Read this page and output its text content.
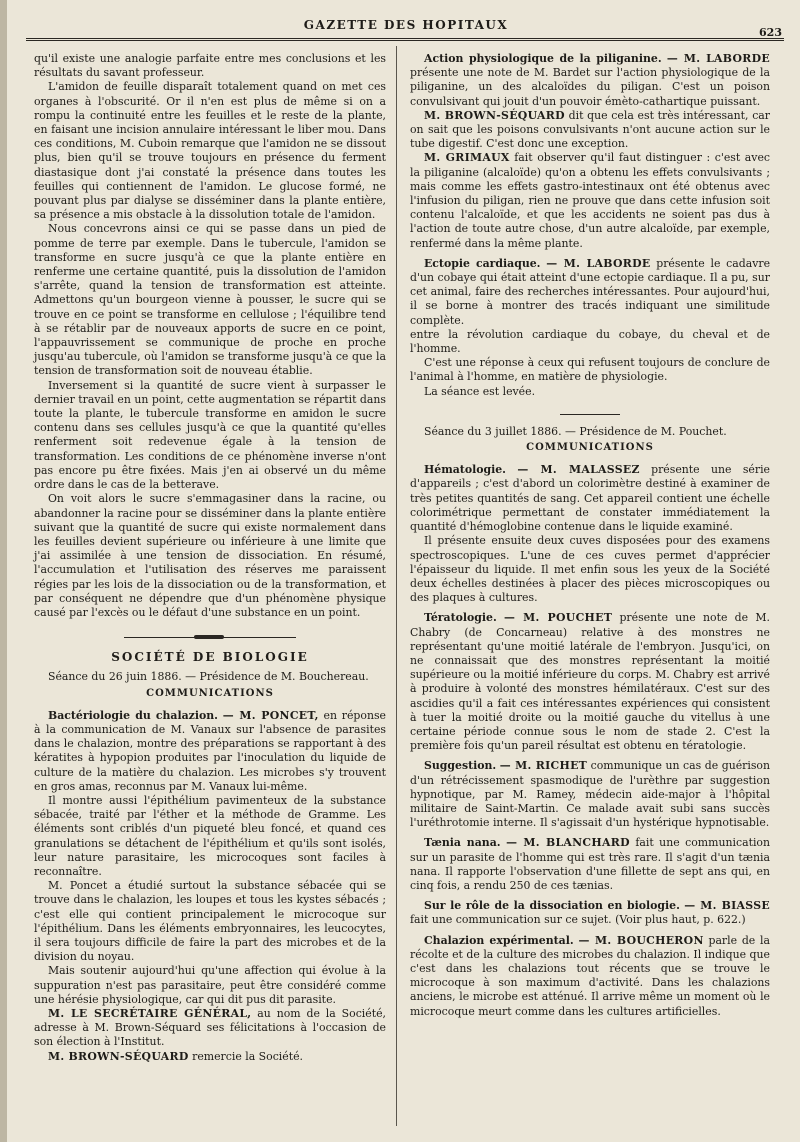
GAZETTE DES HOPITAUX
623

qu'il existe une analogie parfaite entre mes conclusions et les résultats du savant professeur.

L'amidon de feuille disparaît totalement quand on met ces organes à l'obscurité. Or il n'en est plus de même si on a rompu la continuité entre les feuilles et le reste de la plante, en faisant une incision annulaire intéressant le liber mou. Dans ces conditions, M. Cuboin remarque que l'amidon ne se dissout plus, bien qu'il se trouve toujours en présence du ferment diastasique dont j'ai constaté la présence dans toutes les feuilles qui contiennent de l'amidon. Le glucose formé, ne pouvant plus par dialyse se disséminer dans la plante entière, sa présence a mis obstacle à la dissolution totale de l'amidon.

Nous concevrons ainsi ce qui se passe dans un pied de pomme de terre par exemple. Dans le tubercule, l'amidon se transforme en sucre jusqu'à ce que la plante entière en renferme une certaine quantité, puis la dissolution de l'amidon s'arrête, quand la tension de transformation est atteinte. Admettons qu'un bourgeon vienne à pousser, le sucre qui se trouve en ce point se transforme en cellulose ; l'équilibre tend à se rétablir par de nouveaux apports de sucre en ce point, l'appauvrissement se communique de proche en proche jusqu'au tubercule, où l'amidon se transforme jusqu'à ce que la tension de transformation soit de nouveau établie.

Inversement si la quantité de sucre vient à surpasser le dernier travail en un point, cette augmentation se répartit dans toute la plante, le tubercule transforme en amidon le sucre contenu dans ses cellules jusqu'à ce que la quantité qu'elles renferment soit redevenue égale à la tension de transformation. Les conditions de ce phénomène inverse n'ont pas encore pu être fixées. Mais j'en ai observé un du même ordre dans le cas de la betterave.

On voit alors le sucre s'emmagasiner dans la racine, ou abandonner la racine pour se disséminer dans la plante entière suivant que la quantité de sucre qui existe normalement dans les feuilles devient supérieure ou inférieure à une limite que j'ai assimilée à une tension de dissociation. En résumé, l'accumulation et l'utilisation des réserves me paraissent régies par les lois de la dissociation ou de la transformation, et par conséquent ne dépendre que d'un phénomène physique causé par l'excès ou le défaut d'une substance en un point.

SOCIÉTÉ DE BIOLOGIE

Séance du 26 juin 1886. — Présidence de M. Bouchereau.

COMMUNICATIONS

Bactériologie du chalazion. — M. PONCET, en réponse à la communication de M. Vanaux sur l'absence de parasites dans le chalazion, montre des préparations se rapportant à des kératites à hypopion produites par l'inoculation du liquide de culture de la matière du chalazion. Les microbes s'y trouvent en gros amas, reconnus par M. Vanaux lui-même.

Il montre aussi l'épithélium pavimenteux de la substance sébacée, traité par l'éther et la méthode de Gramme. Les éléments sont criblés d'un piqueté bleu foncé, et quand ces granulations se détachent de l'épithélium et qu'ils sont isolés, leur nature parasitaire, les microcoques sont faciles à reconnaître.

M. Poncet a étudié surtout la substance sébacée qui se trouve dans le chalazion, les loupes et tous les kystes sébacés ; c'est elle qui contient principalement le microcoque sur l'épithélium. Dans les éléments embryonnaires, les leucocytes, il sera toujours difficile de faire la part des microbes et de la division du noyau.

Mais soutenir aujourd'hui qu'une affection qui évolue à la suppuration n'est pas parasitaire, peut être considéré comme une hérésie physiologique, car qui dit pus dit parasite.

M. LE SECRÉTAIRE GÉNÉRAL, au nom de la Société, adresse à M. Brown-Séquard ses félicitations à l'occasion de son élection à l'Institut.

M. BROWN-SÉQUARD remercie la Société.

Action physiologique de la piliganine. — M. LABORDE présente une note de M. Bardet sur l'action physiologique de la piliganine, un des alcaloïdes du piligan. C'est un poison convulsivant qui jouit d'un pouvoir émèto-cathartique puissant.

M. BROWN-SÉQUARD dit que cela est très intéressant, car on sait que les poisons convulsivants n'ont aucune action sur le tube digestif. C'est donc une exception.

M. GRIMAUX fait observer qu'il faut distinguer : c'est avec la piliganine (alcaloïde) qu'on a obtenu les effets convulsivants ; mais comme les effets gastro-intestinaux ont été obtenus avec l'infusion du piligan, rien ne prouve que dans cette infusion soit contenu l'alcaloïde, et que les accidents ne soient pas dus à l'action de toute autre chose, d'un autre alcaloïde, par exemple, renfermé dans la même plante.

Ectopie cardiaque. — M. LABORDE présente le cadavre d'un cobaye qui était atteint d'une ectopie cardiaque. Il a pu, sur cet animal, faire des recherches intéressantes. Pour aujourd'hui, il se borne à montrer des tracés indiquant une similitude complète.

entre la révolution cardiaque du cobaye, du cheval et de l'homme.

C'est une réponse à ceux qui refusent toujours de conclure de l'animal à l'homme, en matière de physiologie.

La séance est levée.

Séance du 3 juillet 1886. — Présidence de M. Pouchet.

COMMUNICATIONS

Hématologie. — M. MALASSEZ présente une série d'appareils ; c'est d'abord un colorimètre destiné à examiner de très petites quantités de sang. Cet appareil contient une échelle colorimétrique permettant de constater immédiatement la quantité d'hémoglobine contenue dans le liquide examiné.

Il présente ensuite deux cuves disposées pour des examens spectroscopiques. L'une de ces cuves permet d'apprécier l'épaisseur du liquide. Il met enfin sous les yeux de la Société deux échelles destinées à placer des pièces microscopiques ou des plaques à cultures.

Tératologie. — M. POUCHET présente une note de M. Chabry (de Concarneau) relative à des monstres ne représentant qu'une moitié latérale de l'embryon. Jusqu'ici, on ne connaissait que des monstres représentant la moitié supérieure ou la moitié inférieure du corps. M. Chabry est arrivé à produire à volonté des monstres hémilatéraux. C'est sur des ascidies qu'il a fait ces intéressantes expériences qui consistent à tuer la moitié droite ou la moitié gauche du vitellus à une certaine période connue sous le nom de stade 2. C'est la première fois qu'un pareil résultat est obtenu en tératologie.

Suggestion. — M. RICHET communique un cas de guérison d'un rétrécissement spasmodique de l'urèthre par suggestion hypnotique, par M. Ramey, médecin aide-major à l'hôpital militaire de Saint-Martin. Ce malade avait subi sans succès l'uréthrotomie interne. Il s'agissait d'un hystérique hypnotisable.

Tænia nana. — M. BLANCHARD fait une communication sur un parasite de l'homme qui est très rare. Il s'agit d'un tænia nana. Il rapporte l'observation d'une fillette de sept ans qui, en cinq fois, a rendu 250 de ces tænias.

Sur le rôle de la dissociation en biologie. — M. BIASSE fait une communication sur ce sujet. (Voir plus haut, p. 622.)

Chalazion expérimental. — M. BOUCHERON parle de la récolte et de la culture des microbes du chalazion. Il indique que c'est dans les chalazions tout récents que se trouve le microcoque à son maximum d'activité. Dans les chalazions anciens, le microbe est atténué. Il arrive même un moment où le microcoque meurt comme dans les cultures artificielles.
